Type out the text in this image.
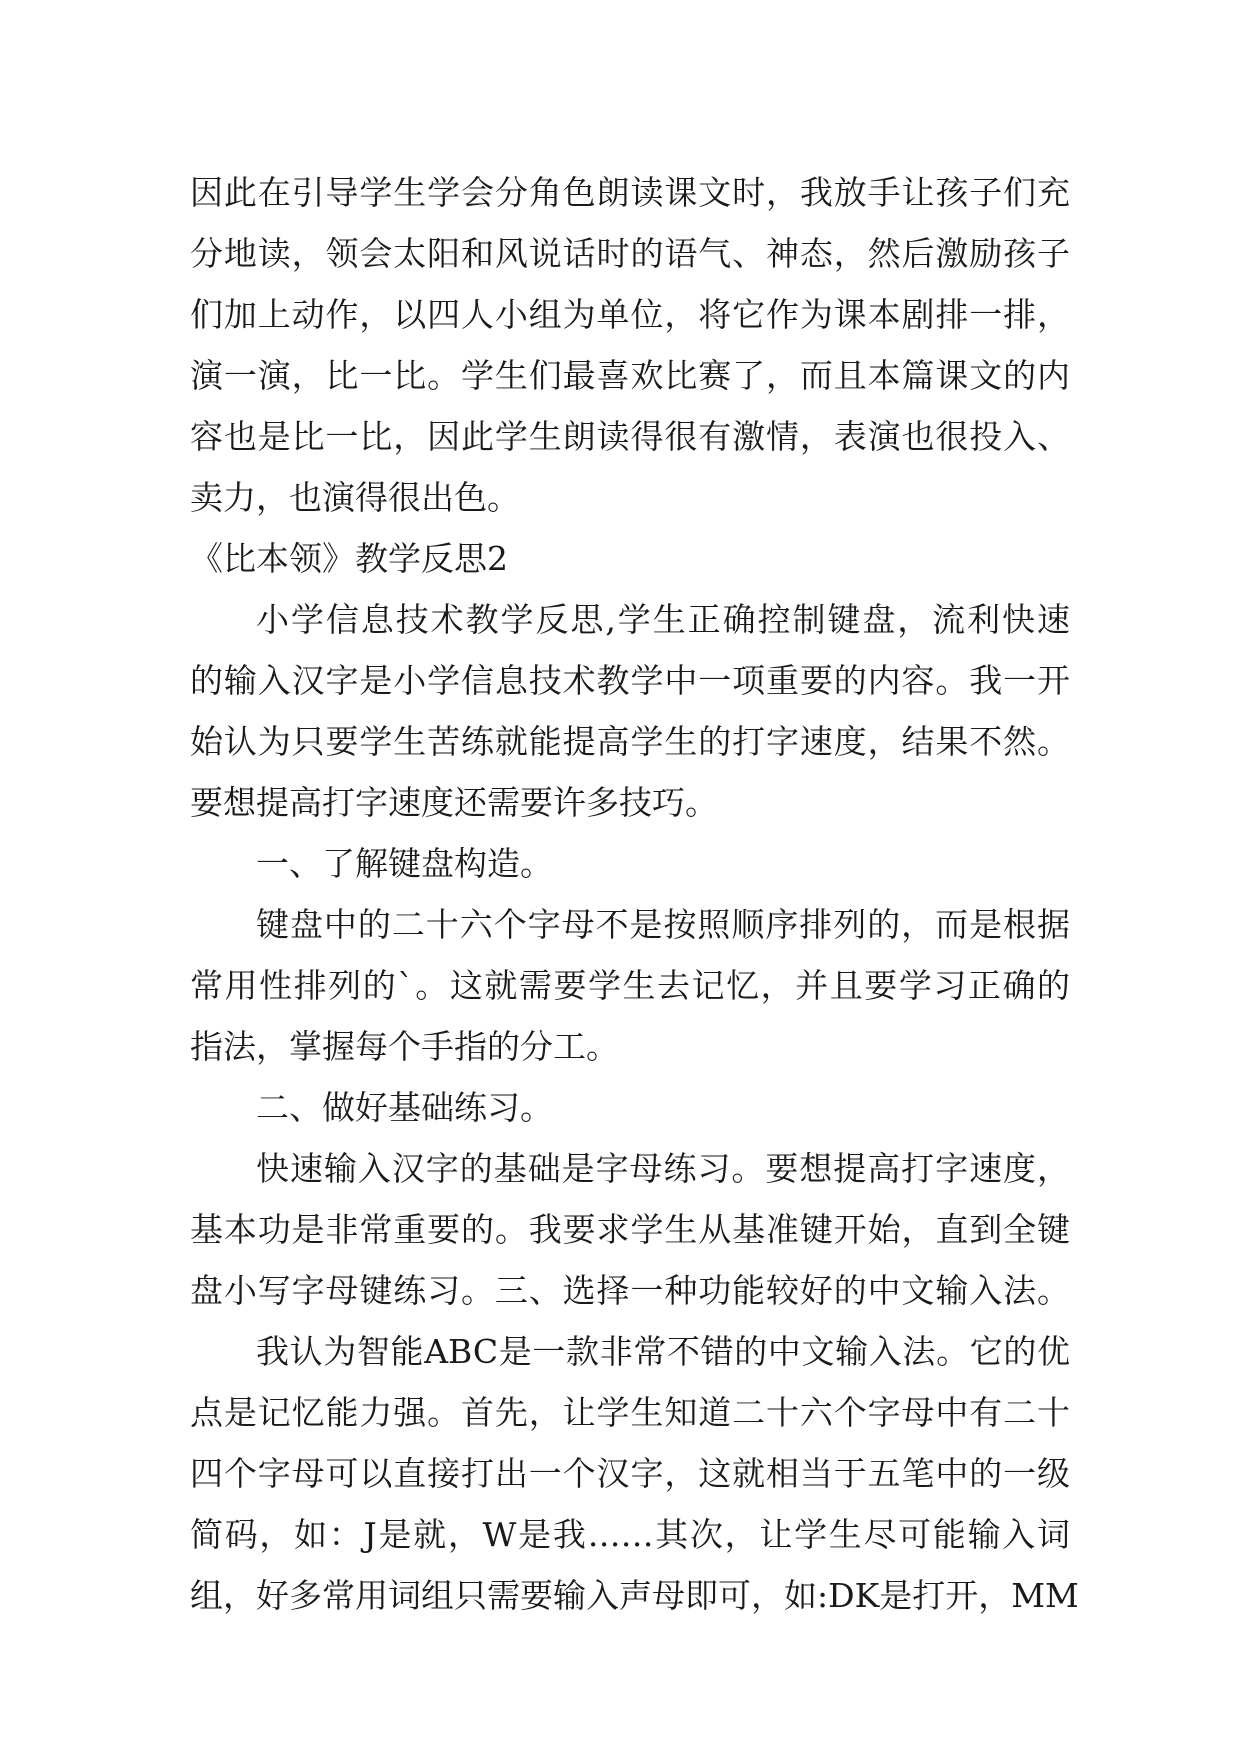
因此在引导学生学会分角色朗读课文时，我放手让孩子们充
分地读，领会太阳和风说话时的语气、神态，然后激励孩子
们加上动作，以四人小组为单位，将它作为课本剧排一排，
演一演，比一比。学生们最喜欢比赛了，而且本篇课文的内
容也是比一比，因此学生朗读得很有激情，表演也很投入、
卖力，也演得很出色。
《比本领》教学反思2
小学信息技术教学反思,学生正确控制键盘，流利快速
的输入汉字是小学信息技术教学中一项重要的内容。我一开
始认为只要学生苦练就能提高学生的打字速度，结果不然。
要想提高打字速度还需要许多技巧。
一、了解键盘构造。
键盘中的二十六个字母不是按照顺序排列的，而是根据
常用性排列的`。这就需要学生去记忆，并且要学习正确的
指法，掌握每个手指的分工。
二、做好基础练习。
快速输入汉字的基础是字母练习。要想提高打字速度，
基本功是非常重要的。我要求学生从基准键开始，直到全键
盘小写字母键练习。三、选择一种功能较好的中文输入法。
我认为智能ABC是一款非常不错的中文输入法。它的优
点是记忆能力强。首先，让学生知道二十六个字母中有二十
四个字母可以直接打出一个汉字，这就相当于五笔中的一级
简码，如：J是就，W是我……其次，让学生尽可能输入词
组，好多常用词组只需要输入声母即可，如:DK是打开，MM
